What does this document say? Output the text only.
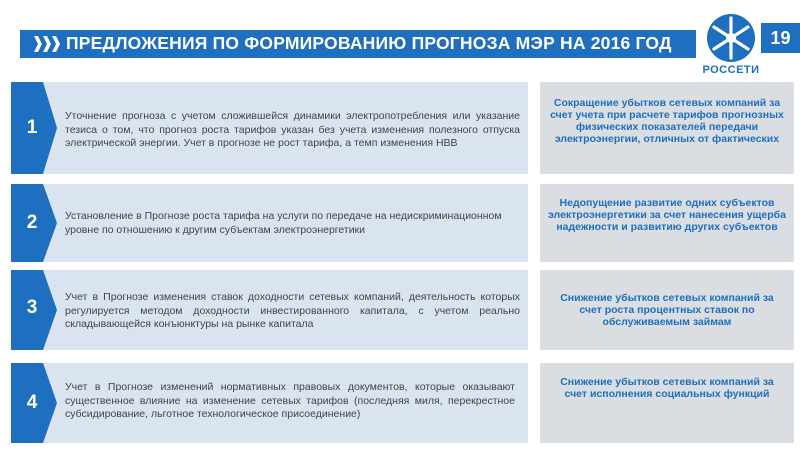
ПРЕДЛОЖЕНИЯ ПО ФОРМИРОВАНИЮ ПРОГНОЗА МЭР НА 2016 ГОД
РОССЕТИ
19
1
Уточнение прогноза с учетом сложившейся динамики электропотребления или указание тезиса о том, что прогноз роста тарифов указан без учета изменения полезного отпуска электрической энергии. Учет в прогнозе не рост тарифа, а темп изменения НВВ
Сокращение убытков сетевых компаний за счет учета при расчете тарифов прогнозных физических показателей передачи электроэнергии, отличных от фактических
2	Установление в Прогнозе роста тарифа на услуги по передаче на недискриминационном уровне по отношению к другим субъектам электроэнергетики
Недопущение развитие одних субъектов электроэнергетики за счет нанесения ущерба надежности и развитию других субъектов
3	Учет в Прогнозе изменения ставок доходности сетевых компаний, деятельность которых регулируется методом доходности инвестированного капитала, с учетом реально складывающейся конъюнктуры на рынке капитала
Снижение убытков сетевых компаний за счет роста процентных ставок по обслуживаемым займам
4
Учет в Прогнозе изменений нормативных правовых документов, которые оказывают существенное влияние на изменение сетевых тарифов (последняя миля, перекрестное субсидирование, льготное технологическое присоединение)
Снижение убытков сетевых компаний за счет исполнения социальных функций
